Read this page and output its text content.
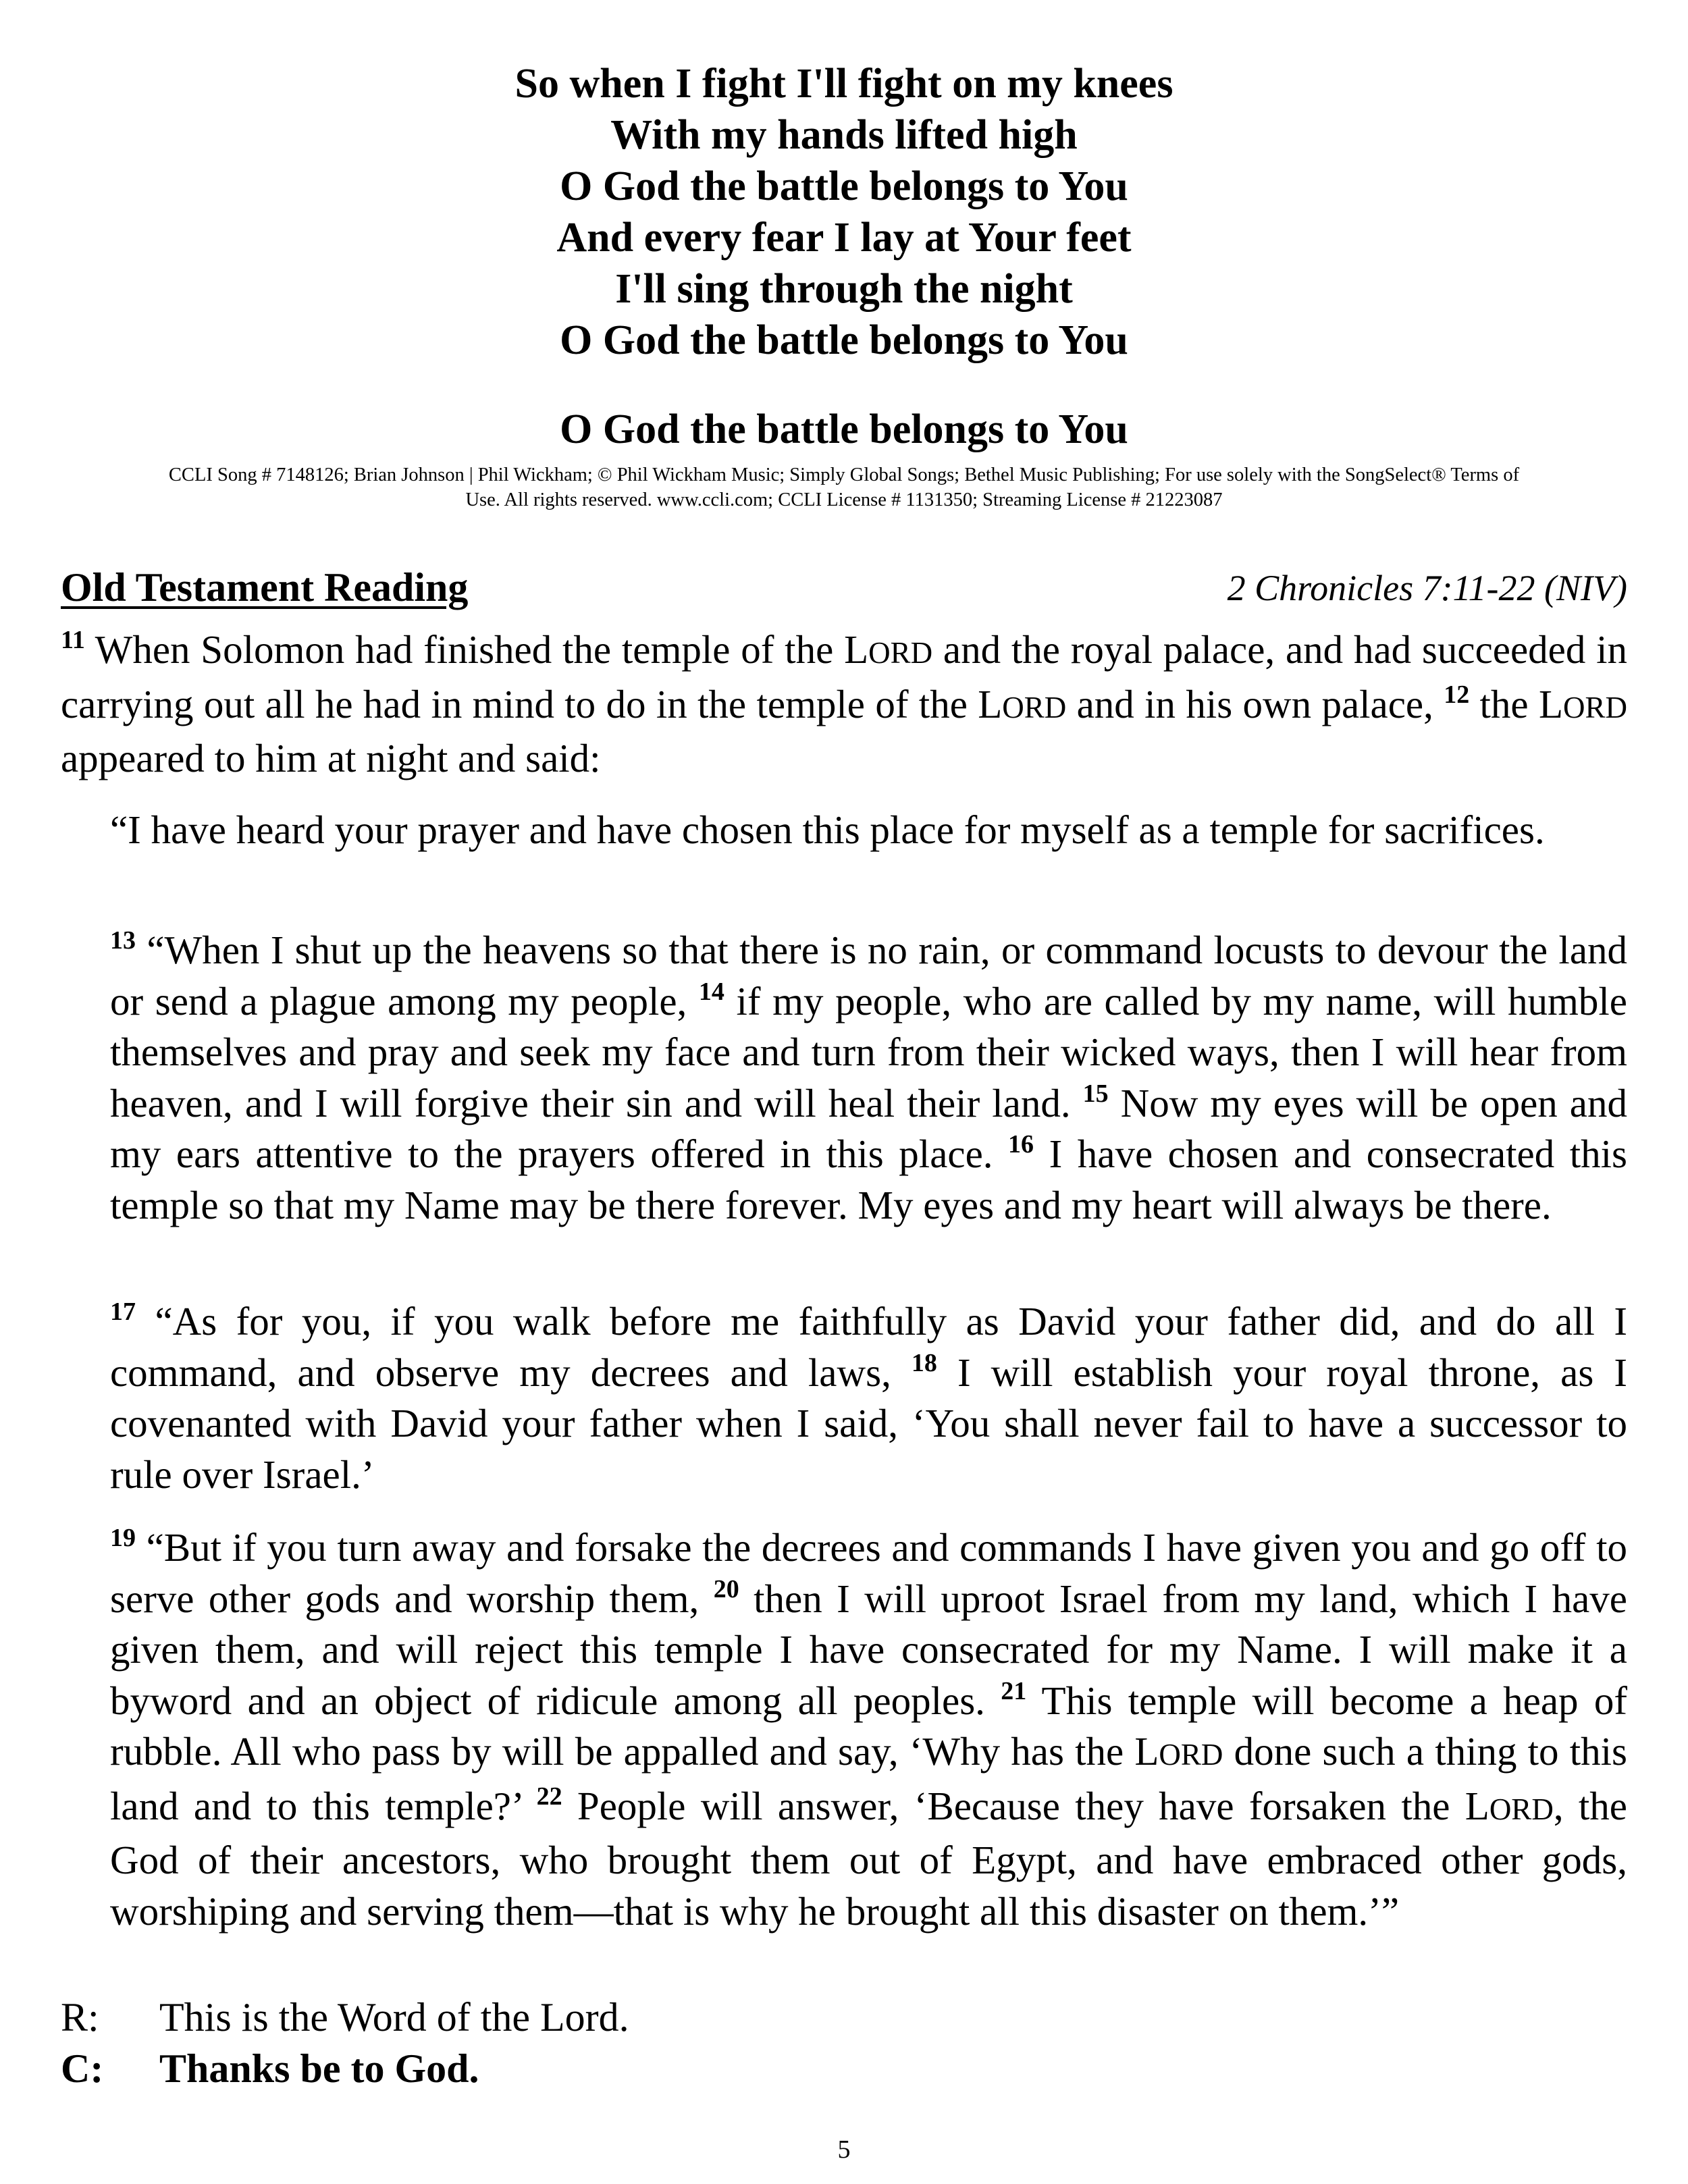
So when I fight I'll fight on my knees
With my hands lifted high
O God the battle belongs to You
And every fear I lay at Your feet
I'll sing through the night
O God the battle belongs to You
O God the battle belongs to You
CCLI Song # 7148126; Brian Johnson | Phil Wickham; © Phil Wickham Music; Simply Global Songs; Bethel Music Publishing; For use solely with the SongSelect® Terms of
Use. All rights reserved. www.ccli.com; CCLI License # 1131350; Streaming License # 21223087
Old Testament Reading	2 Chronicles 7:11-22 (NIV)
$^{11}$ When Solomon had finished the temple of the LORD and the royal palace, and had succeeded in carrying out all he had in mind to do in the temple of the LORD and in his own palace, $^{12}$ the LORD appeared to him at night and said:
“I have heard your prayer and have chosen this place for myself as a temple for sacrifices.
$^{13}$ “When I shut up the heavens so that there is no rain, or command locusts to devour the land or send a plague among my people, $^{14}$ if my people, who are called by my name, will humble themselves and pray and seek my face and turn from their wicked ways, then I will hear from heaven, and I will forgive their sin and will heal their land. $^{15}$ Now my eyes will be open and my ears attentive to the prayers offered in this place. $^{16}$ I have chosen and consecrated this temple so that my Name may be there forever. My eyes and my heart will always be there.
$^{17}$ “As for you, if you walk before me faithfully as David your father did, and do all I command, and observe my decrees and laws, $^{18}$ I will establish your royal throne, as I covenanted with David your father when I said, ‘You shall never fail to have a successor to rule over Israel.’
$^{19}$ “But if you turn away and forsake the decrees and commands I have given you and go off to serve other gods and worship them, $^{20}$ then I will uproot Israel from my land, which I have given them, and will reject this temple I have consecrated for my Name. I will make it a byword and an object of ridicule among all peoples. $^{21}$ This temple will become a heap of rubble. All who pass by will be appalled and say, ‘Why has the LORD done such a thing to this land and to this temple?’ $^{22}$ People will answer, ‘Because they have forsaken the LORD, the God of their ancestors, who brought them out of Egypt, and have embraced other gods, worshiping and serving them—that is why he brought all this disaster on them.’”
R: This is the Word of the Lord.
C: Thanks be to God.
5
